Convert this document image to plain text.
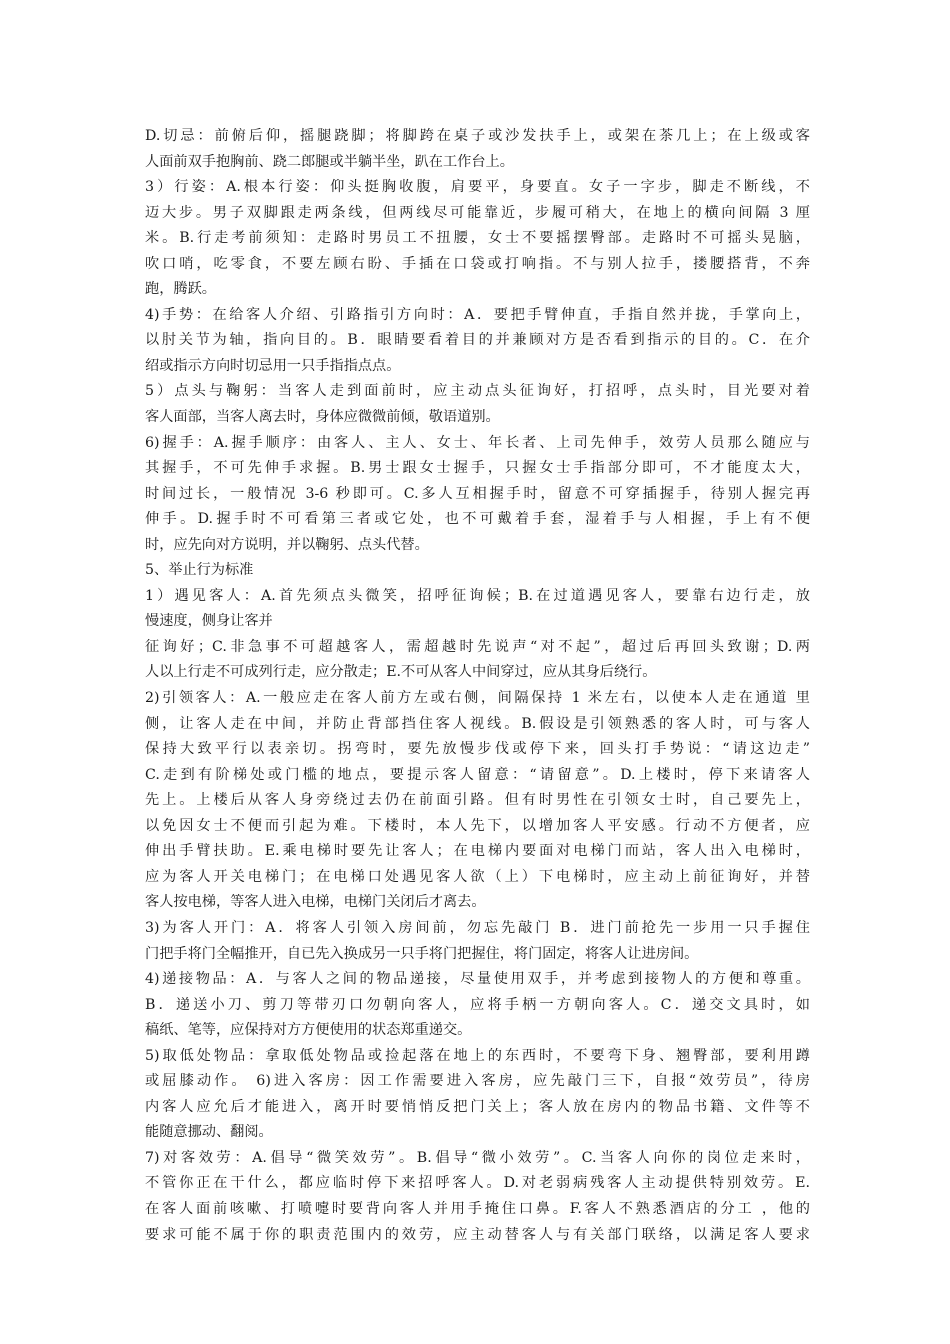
D.切忌：前俯后仰，摇腿跷脚；将脚跨在桌子或沙发扶手上，或架在茶几上；在上级或客
人面前双手抱胸前、跷二郎腿或半躺半坐，趴在工作台上。
3）行姿：A.根本行姿：仰头挺胸收腹，肩要平，身要直。女子一字步，脚走不断线，不
迈大步。男子双脚跟走两条线，但两线尽可能靠近，步履可稍大，在地上的横向间隔 3 厘
米。B.行走考前须知：走路时男员工不扭腰，女士不要摇摆臀部。走路时不可摇头晃脑，
吹口哨，吃零食，不要左顾右盼、手插在口袋或打响指。不与别人拉手，搂腰搭背，不奔
跑，腾跃。
4)手势：在给客人介绍、引路指引方向时：A．要把手臂伸直，手指自然并拢，手掌向上，
以肘关节为轴，指向目的。B．眼睛要看着目的并兼顾对方是否看到指示的目的。C．在介
绍或指示方向时切忌用一只手指指点点。
5）点头与鞠躬：当客人走到面前时，应主动点头征询好，打招呼，点头时，目光要对着
客人面部，当客人离去时，身体应微微前倾，敬语道别。
6)握手：A.握手顺序：由客人、主人、女士、年长者、上司先伸手，效劳人员那么随应与
其握手，不可先伸手求握。B.男士跟女士握手，只握女士手指部分即可，不才能度太大，
时间过长，一般情况 3-6 秒即可。C.多人互相握手时，留意不可穿插握手，待别人握完再
伸手。D.握手时不可看第三者或它处，也不可戴着手套，湿着手与人相握，手上有不便
时，应先向对方说明，并以鞠躬、点头代替。
5、举止行为标准
1）遇见客人：A.首先须点头微笑，招呼征询候；B.在过道遇见客人，要靠右边行走，放
慢速度，侧身让客并
征询好；C.非急事不可超越客人，需超越时先说声“对不起”，超过后再回头致谢；D.两
人以上行走不可成列行走，应分散走；E.不可从客人中间穿过，应从其身后绕行。
2)引领客人：A.一般应走在客人前方左或右侧，间隔保持 1 米左右，以使本人走在通道 里
侧，让客人走在中间，并防止背部挡住客人视线。B.假设是引领熟悉的客人时，可与客人
保持大致平行以表亲切。拐弯时，要先放慢步伐或停下来，回头打手势说：“请这边走”
C.走到有阶梯处或门槛的地点，要提示客人留意：“请留意”。D.上楼时，停下来请客人
先上。上楼后从客人身旁绕过去仍在前面引路。但有时男性在引领女士时，自己要先上，
以免因女士不便而引起为难。下楼时，本人先下，以增加客人平安感。行动不方便者，应
伸出手臂扶助。E.乘电梯时要先让客人；在电梯内要面对电梯门而站，客人出入电梯时，
应为客人开关电梯门；在电梯口处遇见客人欲（上）下电梯时，应主动上前征询好，并替
客人按电梯，等客人进入电梯，电梯门关闭后才离去。
3)为客人开门：A．将客人引领入房间前，勿忘先敲门 B．进门前抢先一步用一只手握住
门把手将门全幅推开，自已先入换成另一只手将门把握住，将门固定，将客人让进房间。
4)递接物品：A．与客人之间的物品递接，尽量使用双手，并考虑到接物人的方便和尊重。
B．递送小刀、剪刀等带刃口勿朝向客人，应将手柄一方朝向客人。C．递交文具时，如
稿纸、笔等，应保持对方方便使用的状态郑重递交。
5)取低处物品：拿取低处物品或捡起落在地上的东西时，不要弯下身、翘臀部，要利用蹲
或屈膝动作。 6)进入客房：因工作需要进入客房，应先敲门三下，自报“效劳员”，待房
内客人应允后才能进入，离开时要悄悄反把门关上；客人放在房内的物品书籍、文件等不
能随意挪动、翻阅。
7)对客效劳：A.倡导“微笑效劳”。B.倡导“微小效劳”。C.当客人向你的岗位走来时，
不管你正在干什么，都应临时停下来招呼客人。D.对老弱病残客人主动提供特别效劳。E.
在客人面前咳嗽、打喷嚏时要背向客人并用手掩住口鼻。F.客人不熟悉酒店的分工 ，他的
要求可能不属于你的职责范围内的效劳，应主动替客人与有关部门联络，以满足客人要求
